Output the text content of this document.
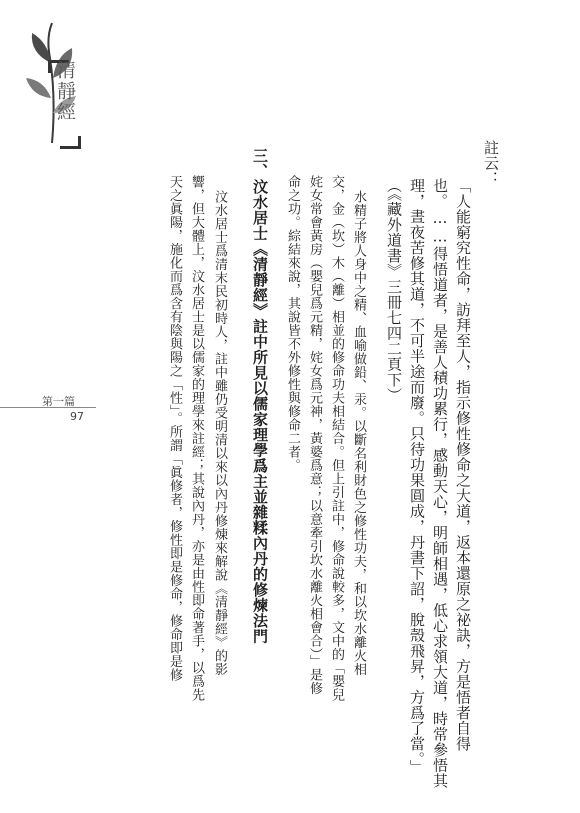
清靜經
第一篇
97
註云：
「人能窮究性命，訪拜至人，指示修性修命之大道，返本還原之祕訣，方是悟者自得
也。……得悟道者，是善人積功累行，感動天心，明師相遇，低心求領大道，時常參悟其
理，晝夜苦修其道，不可半途而廢。只待功果圓成，丹書下詔，脫殼飛昇，方爲了當。」
（《藏外道書》三冊七四二頁下）
水精子將人身中之精、血喻做鉛、汞。以斷名利財色之修性功夫，和以坎水離火相
交，金（坎）木（離）相並的修命功夫相結合。但上引註中，修命說較多，文中的「嬰兒
姹女常會黃房（嬰兒爲元精，姹女爲元神，黃婆爲意；以意牽引坎水離火相會合）」是修
命之功。綜結來說，其說皆不外修性與修命二者。
三、汶水居士《清靜經》註中所見以儒家理學爲主並雜糅內丹的修煉法門
汶水居士爲清末民初時人，註中雖仍受明清以來以內丹修煉來解說《清靜經》的影
響，但大體上，汶水居士是以儒家的理學來註經；其說內丹，亦是由性即命著手，以爲先
天之眞陽，施化而爲含有陰與陽之「性」。所謂「眞修者，修性即是修命，修命即是修
